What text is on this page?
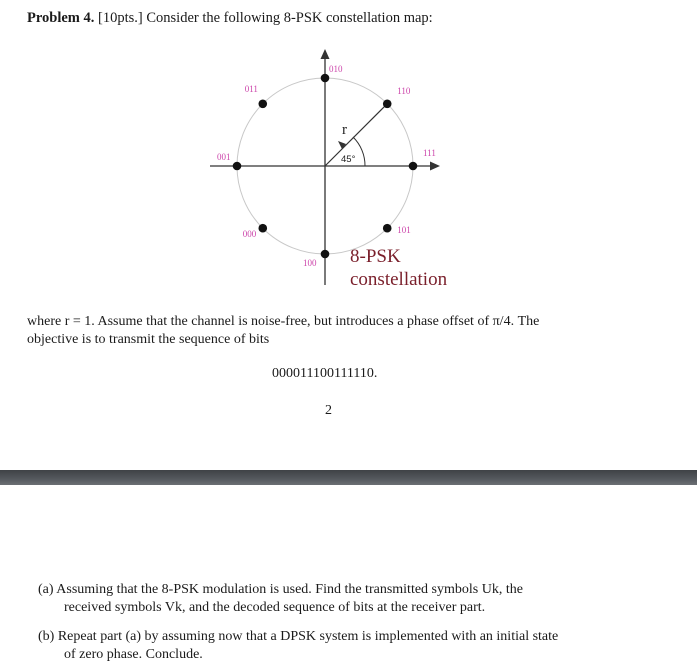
Problem 4. [10pts.] Consider the following 8-PSK constellation map:
r
45°
111
110
010
011
001
000
100
101
8-PSK
constellation
where r = 1. Assume that the channel is noise-free, but introduces a phase offset of π/4. The
objective is to transmit the sequence of bits
000011100111110.
2
(a) Assuming that the 8-PSK modulation is used. Find the transmitted symbols Uk, the
received symbols Vk, and the decoded sequence of bits at the receiver part.
(b) Repeat part (a) by assuming now that a DPSK system is implemented with an initial state
of zero phase. Conclude.
